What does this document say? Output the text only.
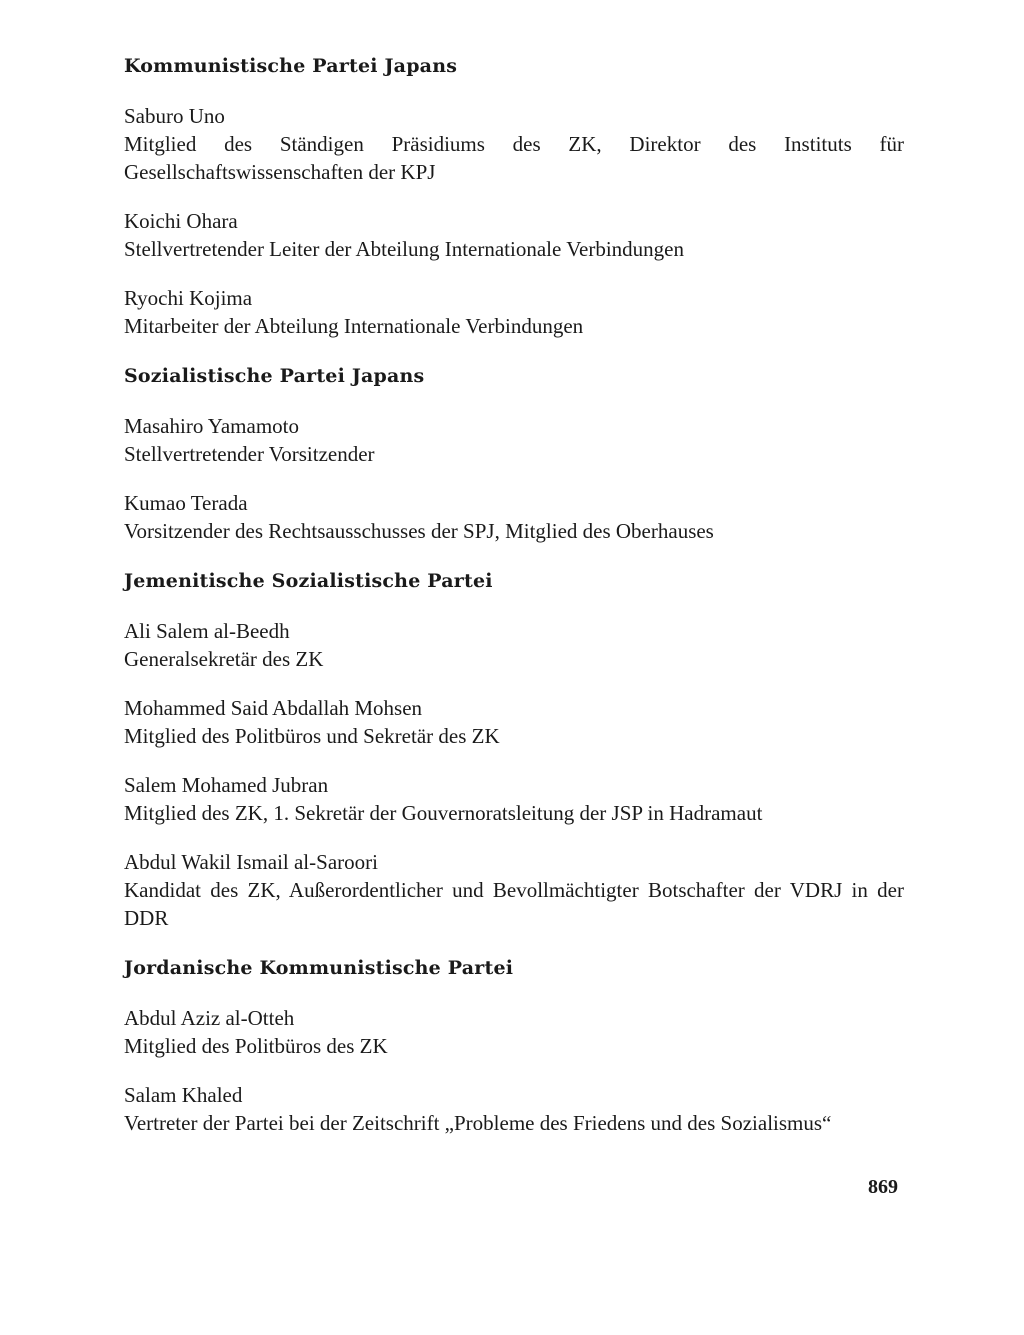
Kommunistische Partei Japans
Saburo Uno
Mitglied des Ständigen Präsidiums des ZK, Direktor des Instituts für Gesellschaftswissenschaften der KPJ
Koichi Ohara
Stellvertretender Leiter der Abteilung Internationale Verbindungen
Ryochi Kojima
Mitarbeiter der Abteilung Internationale Verbindungen
Sozialistische Partei Japans
Masahiro Yamamoto
Stellvertretender Vorsitzender
Kumao Terada
Vorsitzender des Rechtsausschusses der SPJ, Mitglied des Oberhauses
Jemenitische Sozialistische Partei
Ali Salem al-Beedh
Generalsekretär des ZK
Mohammed Said Abdallah Mohsen
Mitglied des Politbüros und Sekretär des ZK
Salem Mohamed Jubran
Mitglied des ZK, 1. Sekretär der Gouvernoratsleitung der JSP in Hadramaut
Abdul Wakil Ismail al-Saroori
Kandidat des ZK, Außerordentlicher und Bevollmächtigter Botschafter der VDRJ in der DDR
Jordanische Kommunistische Partei
Abdul Aziz al-Otteh
Mitglied des Politbüros des ZK
Salam Khaled
Vertreter der Partei bei der Zeitschrift „Probleme des Friedens und des Sozialismus“
869
